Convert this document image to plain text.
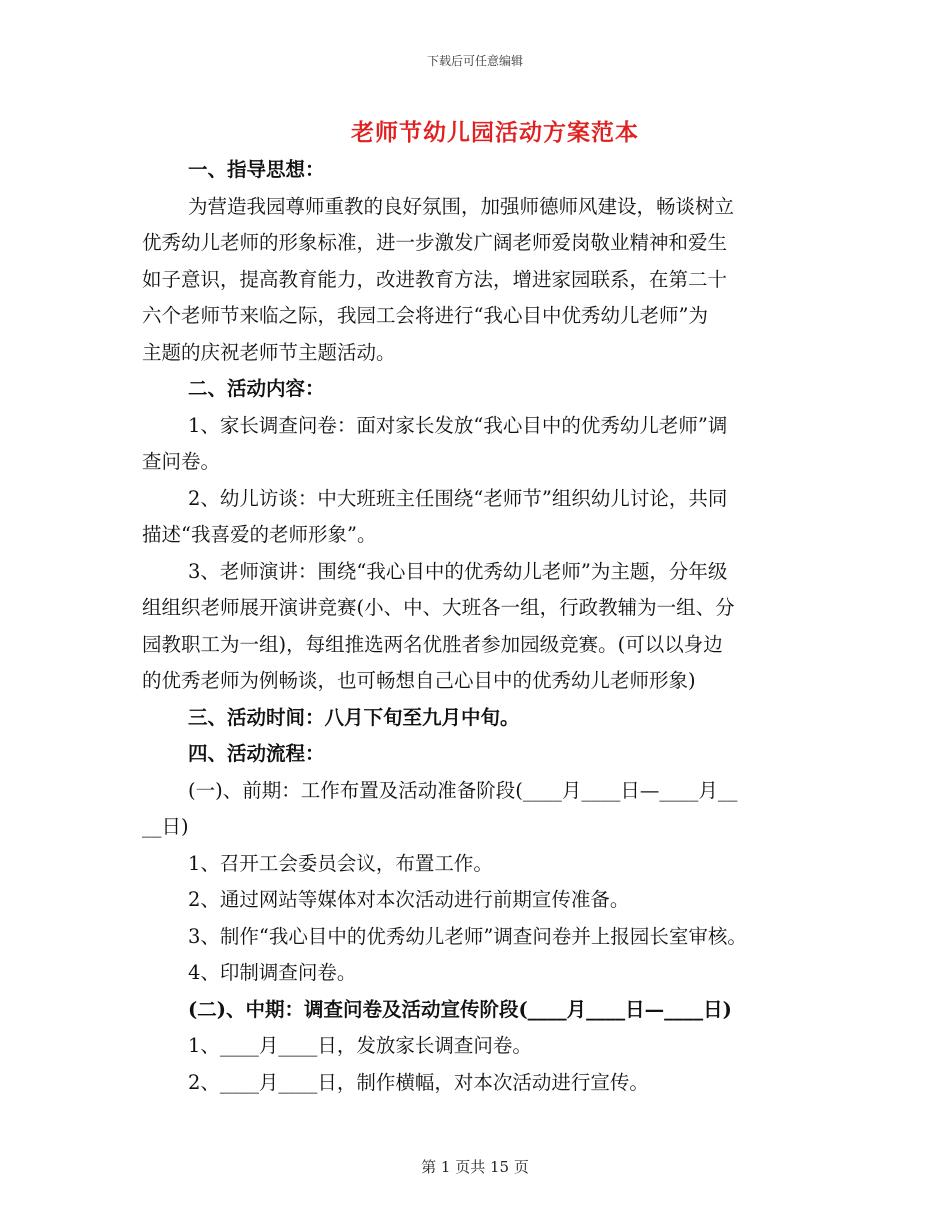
下载后可任意编辑
老师节幼儿园活动方案范本

一、指导思想：

为营造我园尊师重教的良好氛围，加强师德师风建设，畅谈树立

优秀幼儿老师的形象标准，进一步激发广阔老师爱岗敬业精神和爱生

如子意识，提高教育能力，改进教育方法，增进家园联系，在第二十

六个老师节来临之际，我园工会将进行“我心目中优秀幼儿老师”为

主题的庆祝老师节主题活动。

二、活动内容：

1、家长调查问卷：面对家长发放“我心目中的优秀幼儿老师”调

查问卷。

2、幼儿访谈：中大班班主任围绕“老师节”组织幼儿讨论，共同

描述“我喜爱的老师形象”。

3、老师演讲：围绕“我心目中的优秀幼儿老师”为主题，分年级

组组织老师展开演讲竞赛(小、中、大班各一组，行政教辅为一组、分

园教职工为一组)，每组推选两名优胜者参加园级竞赛。(可以以身边

的优秀老师为例畅谈，也可畅想自己心目中的优秀幼儿老师形象)

三、活动时间：八月下旬至九月中旬。

四、活动流程：

(一)、前期：工作布置及活动准备阶段(____月____日—____月__

__日)

1、召开工会委员会议，布置工作。

2、通过网站等媒体对本次活动进行前期宣传准备。

3、制作“我心目中的优秀幼儿老师”调查问卷并上报园长室审核。

4、印制调查问卷。

(二)、中期：调查问卷及活动宣传阶段(____月____日—____日)

1、____月____日，发放家长调查问卷。

2、____月____日，制作横幅，对本次活动进行宣传。

第 1 页共 15 页
